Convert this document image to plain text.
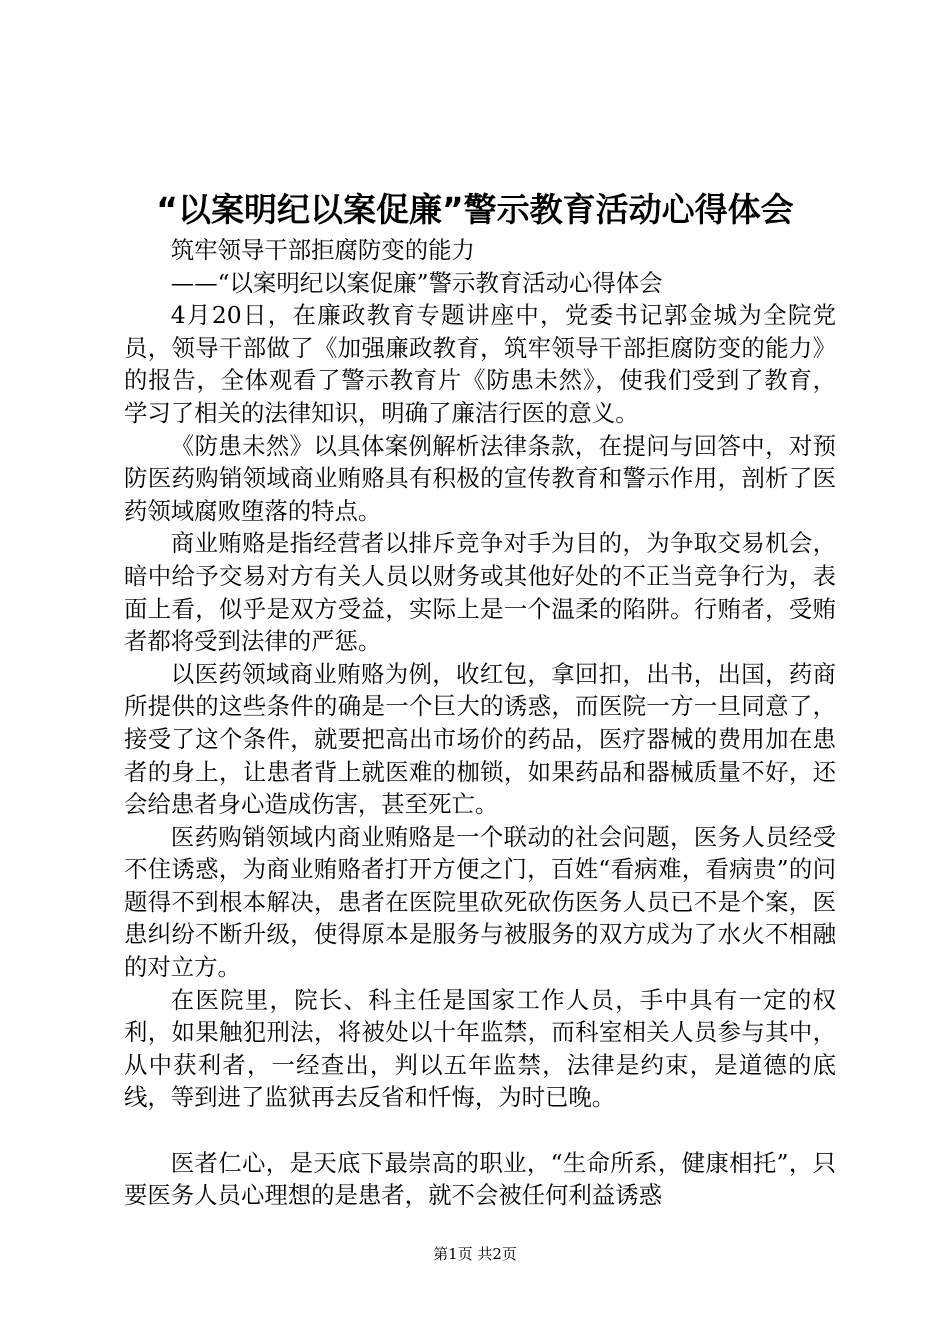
“以案明纪以案促廉”警示教育活动心得体会

筑牢领导干部拒腐防变的能力

——“以案明纪以案促廉”警示教育活动心得体会

4月20日，在廉政教育专题讲座中，党委书记郭金城为全院党员，领导干部做了《加强廉政教育，筑牢领导干部拒腐防变的能力》的报告，全体观看了警示教育片《防患未然》，使我们受到了教育，学习了相关的法律知识，明确了廉洁行医的意义。

《防患未然》以具体案例解析法律条款，在提问与回答中，对预防医药购销领域商业贿赂具有积极的宣传教育和警示作用，剖析了医药领域腐败堕落的特点。

商业贿赂是指经营者以排斥竞争对手为目的，为争取交易机会，暗中给予交易对方有关人员以财务或其他好处的不正当竞争行为，表面上看，似乎是双方受益，实际上是一个温柔的陷阱。行贿者，受贿者都将受到法律的严惩。

以医药领域商业贿赂为例，收红包，拿回扣，出书，出国，药商所提供的这些条件的确是一个巨大的诱惑，而医院一方一旦同意了，接受了这个条件，就要把高出市场价的药品，医疗器械的费用加在患者的身上，让患者背上就医难的枷锁，如果药品和器械质量不好，还会给患者身心造成伤害，甚至死亡。

医药购销领域内商业贿赂是一个联动的社会问题，医务人员经受不住诱惑，为商业贿赂者打开方便之门，百姓“看病难，看病贵”的问题得不到根本解决，患者在医院里砍死砍伤医务人员已不是个案，医患纠纷不断升级，使得原本是服务与被服务的双方成为了水火不相融的对立方。

在医院里，院长、科主任是国家工作人员，手中具有一定的权利，如果触犯刑法，将被处以十年监禁，而科室相关人员参与其中，从中获利者，一经查出，判以五年监禁，法律是约束，是道德的底线，等到进了监狱再去反省和忏悔，为时已晚。

医者仁心，是天底下最崇高的职业，“生命所系，健康相托”，只要医务人员心理想的是患者，就不会被任何利益诱惑

第1页 共2页
